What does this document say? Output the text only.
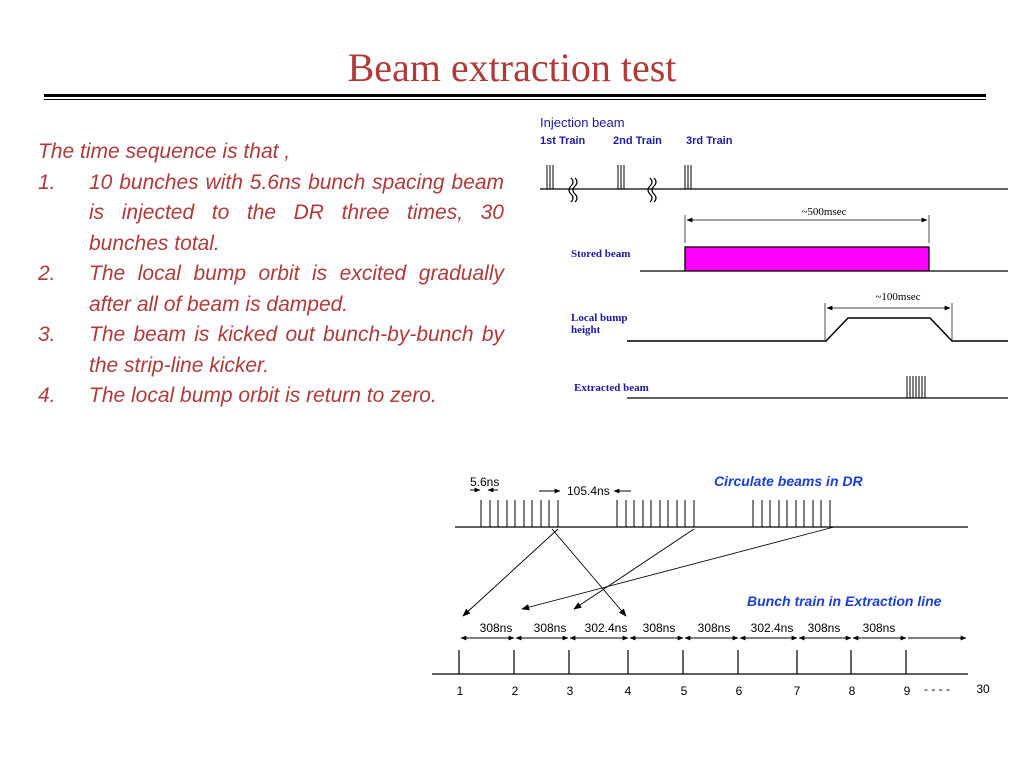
Beam extraction test

The time sequence is that ,

1. 10 bunches with 5.6ns bunch spacing beam is injected to the DR three times, 30 bunches total.
2. The local bump orbit is excited gradually after all of beam is damped.
3. The beam is kicked out bunch-by-bunch by the strip-line kicker.
4. The local bump orbit is return to zero.
Injection beam
1st Train	2nd Train 3rd Train
~500msec
Stored beam
~100msec
Local bump
height
Extracted beam
5.6ns
105.4ns
Circulate beams in DR
Bunch train in Extraction line
308ns 308ns 302.4ns 308ns 308ns 302.4ns 308ns 308ns
1	2	3	4	5	6	7	8	9 - - - - 30
